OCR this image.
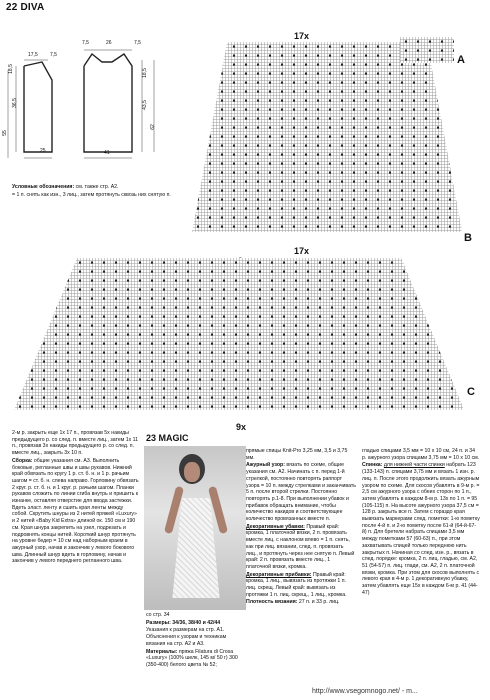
22 DIVA
17,5 7,5
18,5
36,5
55
25
7,5	26	7,5
18,5
43,5
62
41
17x
A
B

Условные обозначения: см. также стр. А2.

= 1 п. снять как изн., 3 лиц., затем протянуть сквозь них снятую п.

17x
C
9x

2-м р. закрыть еще 1x 17 п., провязав 5x накиды предыдущего р. со след. п. вместе лиц., затем 1x 11 п., провязав 3x накиды предыдущего р. со след. п. вместе лиц., закрыть 3x 10 п.

Сборка: общие указания см. А3. Выполнить боковые, регланные швы и швы рукавов. Нижний край обвязать по кругу 1 р. ст. б. н. и 1 р. рачьим шагом = ст. б. н. слева направо. Горловину обвязать 2 круг. р. ст. б. н. и 1 круг. р. рачьим шагом. Планки рукавов сложить по линии сгиба внутрь и пришить к изнанке, оставляя отверстие для ввода застежки. Вдеть эласт. ленту и сшить края ленты между собой. Скрутить шнуры из 2 нитей пряжей «Luxury» и 2 нитей «Baby Kid Extra» длиной ок. 150 см и 190 см. Края шнура закрепить на узел, подрезать и подровнять концы нитей. Короткий шнур протянуть на уровне бедер = 10 см над наборным краем в ажурный узор, начав и закончив у левого бокового шва. Длинный шнур вдеть в горловину, начав и закончив у левого переднего регланного шва.

23 MAGIC

со стр. 34

Размеры: 34/36, 38/40 и 42/44

Указания к размерам на стр. А1. Объяснения к узорам и техникам вязания на стр. А2 и А3.

Материалы: пряжа Filatura di Crosa «Luxury» (100% шелк, 145 м/ 50 г) 300 (350-400) белого цвета № 52;

прямые спицы Knit-Pro 3,25 мм, 3,5 и 3,75 мм.

Ажурный узор: вязать по схеме, общие указания см. А2. Начинать с п. перед 1-й стрелкой, постоянно повторять раппорт узора = 10 п. между стрелками и заканчивать 5 п. после второй стрелки. Постоянно повторять р.1-8. При выполнении убавок и прибавок обращать внимание, чтобы количество накидов и соответствующее количество провязанных вместе п.

Декоративные убавки: Правый край: кромка, 1 платочной вязки, 2 п. провязать вместе лиц. с наклоном влево = 1 п. снять, как при лиц. вязании, след. п. провязать лиц., и протянуть через нее снятую п. Левый край: 2 п. провязать вместе лиц., 1 платочной вязки, кромка.

Декоративные прибавки: Правый край: кромка, 1 лиц., вывязать из протяжки 1 п. лиц. скрещ. Левый край: вывязать из протяжки 1 п. лиц. скрещ., 1 лиц., кромка.

Плотность вязания: 27 п. и 33 р. лиц.

гладью спицами 3,5 мм = 10 х 10 см, 24 п. и 34 р. ажурного узора спицами 3,75 мм = 10 х 10 см.

Спинка: для нижней части спинки набрать 123 (133-143) п. спицами 3,75 мм и вязать 1 изн. р. лиц. п. После этого продолжить вязать ажурным узором по схеме. Для скосов убавлять в 9-м р. = 2,5 см ажурного узора с обеих сторон по 1 п., затем убавлять в каждом 8-м р. 13x по 1 п. = 95 (105-115) п. На высоте ажурного узора 37,5 см = 128 р. закрыть все п. Затем с гораздо края вывязать маркерами след. пометки: 1-ю пометку после 4-й п. и 2-ю пометку после 61-й (64-й-67-й) п. Для бретели набрать спицами 3,5 мм между пометками 57 (60-63) п., при этом захватывать спицей только переднюю нить закрытых п. Начиная со след. изн. р., вязать в след. порядке: кромка, 2 п. лиц. гладью, см. А2, 51 (54-57) п. лиц. глади, см. А2, 2 п. платочной вязки, кромка. При этом для скосов выполнять с левого края в 4-м р. 1 декоративную убавку, затем убавлять еще 15x в каждом 6-м р. 41 (44-47)

http://www.vsegomnogo.net/ - m...
